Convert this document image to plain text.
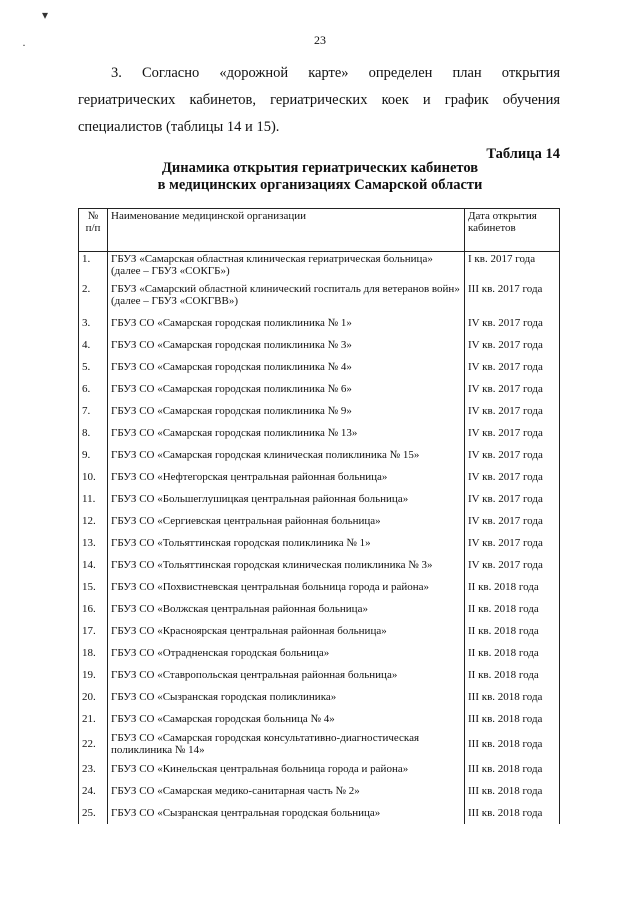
▾
·	23

3. Согласно «дорожной карте» определен план открытия
гериатрических кабинетов, гериатрических коек и график обучения
специалистов (таблицы 14 и 15).

Таблица 14
Динамика открытия гериатрических кабинетов
в медицинских организациях Самарской области
№ п/п	Наименование медицинской организации	Дата открытия кабинетов
1.	ГБУЗ «Самарская областная клиническая гериатрическая больница» (далее – ГБУЗ «СОКГБ»)	I кв. 2017 года
2.	ГБУЗ «Самарский областной клинический госпиталь для ветеранов войн» (далее – ГБУЗ «СОКГВВ»)	III кв. 2017 года
3.	ГБУЗ СО «Самарская городская поликлиника № 1»	IV кв. 2017 года
4.	ГБУЗ СО «Самарская городская поликлиника № 3»	IV кв. 2017 года
5.	ГБУЗ СО «Самарская городская поликлиника № 4»	IV кв. 2017 года
6.	ГБУЗ СО «Самарская городская поликлиника № 6»	IV кв. 2017 года
7.	ГБУЗ СО «Самарская городская поликлиника № 9»	IV кв. 2017 года
8.	ГБУЗ СО «Самарская городская поликлиника № 13»	IV кв. 2017 года
9.	ГБУЗ СО «Самарская городская клиническая поликлиника № 15»	IV кв. 2017 года
10.	ГБУЗ СО «Нефтегорская центральная районная больница»	IV кв. 2017 года
11.	ГБУЗ СО «Большеглушицкая центральная районная больница»	IV кв. 2017 года
12.	ГБУЗ СО «Сергиевская центральная районная больница»	IV кв. 2017 года
13.	ГБУЗ СО «Тольяттинская городская поликлиника № 1»	IV кв. 2017 года
14.	ГБУЗ СО «Тольяттинская городская клиническая поликлиника № 3»	IV кв. 2017 года
15.	ГБУЗ СО «Похвистневская центральная больница города и района»	II кв. 2018 года
16.	ГБУЗ СО «Волжская центральная районная больница»	II кв. 2018 года
17.	ГБУЗ СО «Красноярская центральная районная больница»	II кв. 2018 года
18.	ГБУЗ СО «Отрадненская городская больница»	II кв. 2018 года
19.	ГБУЗ СО «Ставропольская центральная районная больница»	II кв. 2018 года
20.	ГБУЗ СО «Сызранская городская поликлиника»	III кв. 2018 года
21.	ГБУЗ СО «Самарская городская больница № 4»	III кв. 2018 года
22.	ГБУЗ СО «Самарская городская консультативно-диагностическая поликлиника № 14»	III кв. 2018 года
23.	ГБУЗ СО «Кинельская центральная больница города и района»	III кв. 2018 года
24.	ГБУЗ СО «Самарская медико-санитарная часть № 2»	III кв. 2018 года
25.	ГБУЗ СО «Сызранская центральная городская больница»	III кв. 2018 года
